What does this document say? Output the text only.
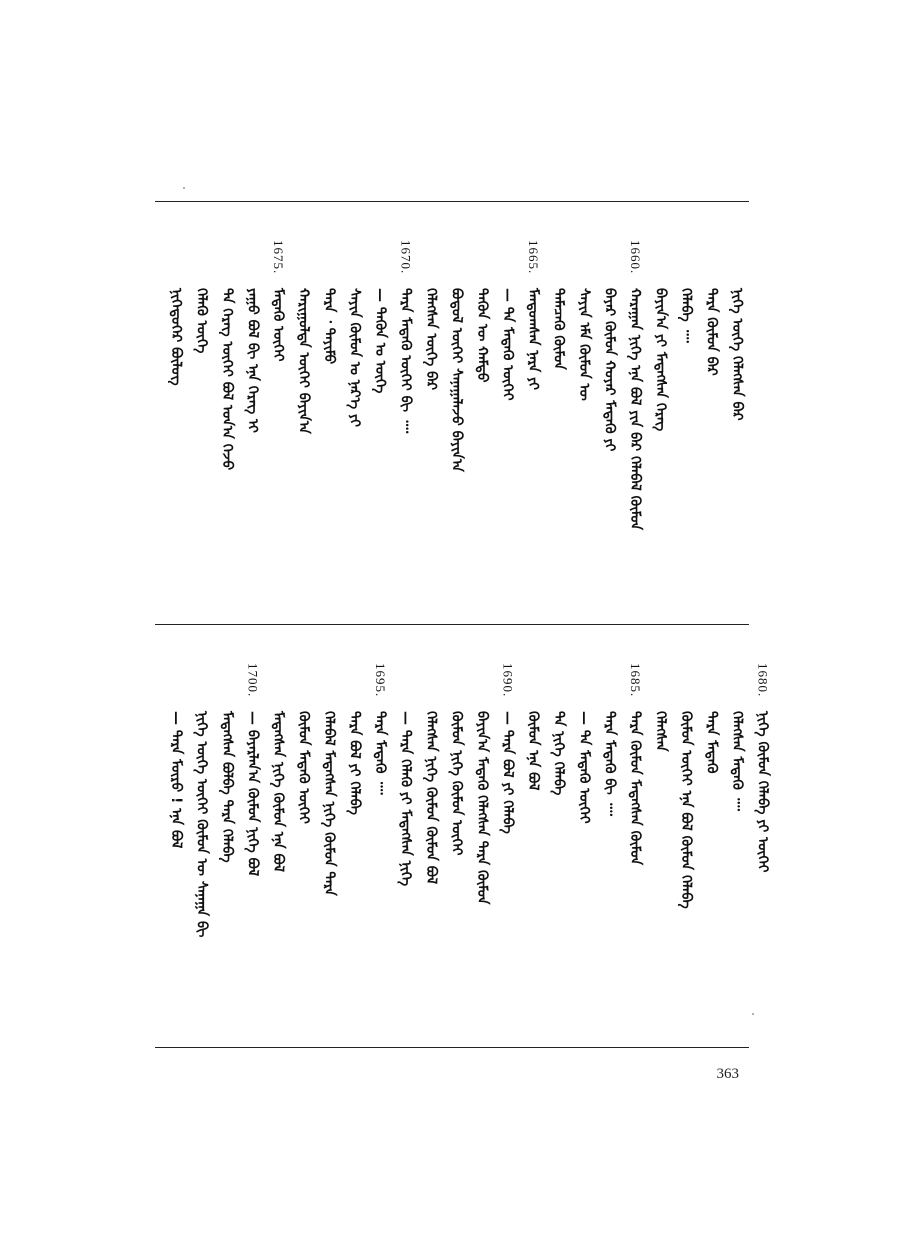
ᠨᠢᠭᠡᠳᠦᠭᠡᠷ ᠪᠦᠯᠦᠭ ᠬᠡᠯᠡᠬᠦ ᠦᠭᠡ ᠲᠡ ᠬᠡᠷᠡᠭ ᠦᠭᠡᠢ ᠪᠣᠯ ᠤᠨ᠎ᠠ ᠭᠡᠵᠦ ᠶᠠᠭᠤ ᠪᠣᠯ ᠪᠢ ᠡᠨᠡ ᠬᠡᠷᠡᠭ ᠢ
1675.
ᠮᠡᠳᠡᠬᠦ ᠦᠭᠡᠢ ᠬᠠᠷᠢᠭᠤᠯᠲᠠ ᠦᠭᠡᠢ ᠪᠠᠶᠢᠨ᠎ᠠ ᠲᠡᠷᠡ ᠂ ᠲᠡᠶᠢᠮᠦ ᠰᠠᠶᠢᠨ ᠬᠦᠮᠦᠨ ᠤ ᠨᠡᠷ᠎ᠡ ᠶᠢ — ᠲᠡᠭᠦᠨ ᠤ ᠦᠭᠡ
1670.
ᠲᠡᠷᠡ ᠮᠡᠳᠡᠬᠦ ᠦᠭᠡᠢ ᠪᠢ ᠁ ᠬᠡᠯᠡᠭᠰᠡᠨ ᠦᠭᠡ ᠪᠡᠷ ᠪᠣᠳᠤᠯ ᠦᠭᠡᠢ ᠰᠠᠨᠠᠭᠠᠯᠠᠵᠤ ᠪᠠᠶᠢᠨ᠎ᠠ ᠲᠡᠭᠦᠨ ᠦ ᠬᠠᠮᠲᠤ — ᠲᠠ ᠮᠡᠳᠡᠬᠦ ᠦᠭᠡᠢ
1665.
ᠮᠠᠨᠳᠤᠭᠰᠠᠨ ᠨᠠᠷᠠ ᠶᠢ ᠲᠡᠮᠡᠴᠡᠬᠦ ᠬᠦᠮᠦᠨ ᠰᠠᠶᠢᠨ ᠡᠮᠡ ᠬᠦᠮᠦᠨ ᠦ ᠪᠠᠶᠠᠷ ᠬᠦᠮᠦᠨ ᠬᠣᠶᠠᠷ ᠮᠡᠳᠡᠬᠦ ᠶᠢ
1660.
ᠬᠠᠷᠠᠭᠠᠨ ᠨᠢᠭᠡ ᠡᠨᠡ ᠪᠣᠯ ᠶᠢᠨ ᠪᠠᠷ ᠬᠡᠯᠡᠪᠡᠯ ᠬᠦᠮᠦᠨ ᠪᠠᠶᠢᠨ᠎ᠠ ᠶᠢ ᠮᠡᠳᠡᠭᠰᠡᠨ ᠬᠡᠷᠡᠭ ᠬᠡᠯᠡᠪᠡ ᠁ ᠲᠡᠷᠡ ᠬᠦᠮᠦᠨ ᠪᠡᠷ ᠨᠢᠭᠡ ᠦᠭᠡ ᠬᠡᠯᠡᠭᠰᠡᠨ ᠪᠡᠷ
— ᠲᠡᠷᠡ ᠮᠦᠷᠦ ! ᠡᠨᠡ ᠪᠣᠯ ᠨᠢᠭᠡ ᠦᠭᠡ ᠦᠭᠡᠢ ᠬᠦᠮᠦᠨ ᠦ ᠰᠠᠨᠠᠭᠠ ᠪᠢ ᠮᠡᠳᠡᠭᠰᠡᠨ ᠪᠣᠯᠪᠠ ᠲᠡᠷᠡ ᠬᠡᠯᠡᠪᠡ
1700.
— ᠪᠠᠶᠠᠷᠯᠠᠨ᠎ᠠ ᠬᠦᠮᠦᠨ ᠨᠢᠭᠡ ᠪᠣᠯ ᠮᠡᠳᠡᠭᠰᠡᠨ ᠨᠢᠭᠡ ᠬᠦᠮᠦᠨ ᠡᠨᠡ ᠪᠣᠯ ᠬᠦᠮᠦᠨ ᠮᠡᠳᠡᠬᠦ ᠦᠭᠡᠢ ᠬᠡᠯᠡᠪᠡᠯ ᠮᠡᠳᠡᠭᠰᠡᠨ ᠨᠢᠭᠡ ᠬᠦᠮᠦᠨ ᠲᠡᠷᠡ ᠲᠡᠷᠡ ᠪᠣᠯ ᠶᠢ ᠬᠡᠯᠡᠪᠡ
1695.
ᠲᠡᠷᠡ ᠮᠡᠳᠡᠬᠦ ᠁ — ᠲᠡᠷᠡ ᠬᠡᠯᠡᠬᠦ ᠶᠢ ᠮᠡᠳᠡᠭᠰᠡᠨ ᠨᠢᠭᠡ ᠬᠡᠯᠡᠭᠰᠡᠨ ᠨᠢᠭᠡ ᠬᠦᠮᠦᠨ ᠬᠦᠮᠦᠨ ᠪᠣᠯ ᠬᠦᠮᠦᠨ ᠨᠢᠭᠡ ᠬᠦᠮᠦᠨ ᠦᠭᠡᠢ ᠪᠠᠶᠢᠨ᠎ᠠ ᠮᠡᠳᠡᠬᠦ ᠬᠡᠯᠡᠭᠰᠡᠨ ᠲᠡᠷᠡ ᠬᠦᠮᠦᠨ
1690.
— ᠲᠡᠷᠡ ᠪᠣᠯ ᠶᠢ ᠬᠡᠯᠡᠪᠡ ᠬᠦᠮᠦᠨ ᠡᠨᠡ ᠪᠣᠯ ᠲᠡ ᠨᠢᠭᠡ ᠬᠡᠯᠡᠪᠡ — ᠲᠠ ᠮᠡᠳᠡᠬᠦ ᠦᠭᠡᠢ ᠲᠡᠷᠡ ᠮᠡᠳᠡᠬᠦ ᠪᠢ ᠁
1685.
ᠲᠡᠷᠡ ᠬᠦᠮᠦᠨ ᠮᠡᠳᠡᠭᠰᠡᠨ ᠬᠦᠮᠦᠨ ᠬᠡᠯᠡᠭᠰᠡᠨ ᠬᠦᠮᠦᠨ ᠦᠭᠡᠢ ᠡᠨᠡ ᠪᠣᠯ ᠬᠦᠮᠦᠨ ᠬᠡᠯᠡᠪᠡ ᠲᠡᠷᠡ ᠮᠡᠳᠡᠬᠦ ᠬᠡᠯᠡᠭᠰᠡᠨ ᠮᠡᠳᠡᠬᠦ ᠁
1680.
ᠨᠢᠭᠡ ᠬᠦᠮᠦᠨ ᠬᠡᠯᠡᠪᠡ ᠶᠢ ᠦᠭᠡᠢ
363
